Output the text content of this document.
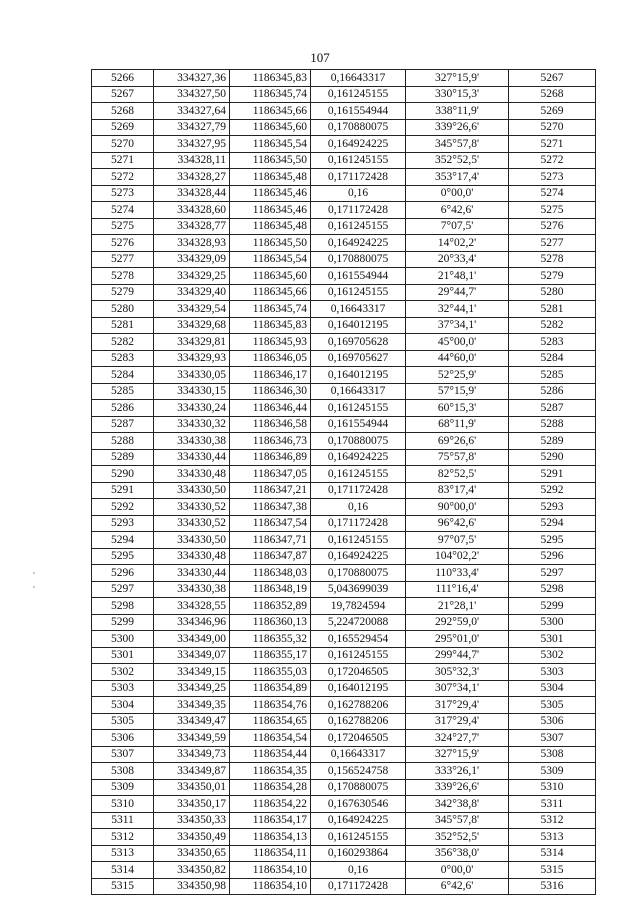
107
5266	334327,36	1186345,83	0,16643317	327°15,9'	5267
5267	334327,50	1186345,74	0,161245155	330°15,3'	5268
5268	334327,64	1186345,66	0,161554944	338°11,9'	5269
5269	334327,79	1186345,60	0,170880075	339°26,6'	5270
5270	334327,95	1186345,54	0,164924225	345°57,8'	5271
5271	334328,11	1186345,50	0,161245155	352°52,5'	5272
5272	334328,27	1186345,48	0,171172428	353°17,4'	5273
5273	334328,44	1186345,46	0,16	0°00,0'	5274
5274	334328,60	1186345,46	0,171172428	6°42,6'	5275
5275	334328,77	1186345,48	0,161245155	7°07,5'	5276
5276	334328,93	1186345,50	0,164924225	14°02,2'	5277
5277	334329,09	1186345,54	0,170880075	20°33,4'	5278
5278	334329,25	1186345,60	0,161554944	21°48,1'	5279
5279	334329,40	1186345,66	0,161245155	29°44,7'	5280
5280	334329,54	1186345,74	0,16643317	32°44,1'	5281
5281	334329,68	1186345,83	0,164012195	37°34,1'	5282
5282	334329,81	1186345,93	0,169705628	45°00,0'	5283
5283	334329,93	1186346,05	0,169705627	44°60,0'	5284
5284	334330,05	1186346,17	0,164012195	52°25,9'	5285
5285	334330,15	1186346,30	0,16643317	57°15,9'	5286
5286	334330,24	1186346,44	0,161245155	60°15,3'	5287
5287	334330,32	1186346,58	0,161554944	68°11,9'	5288
5288	334330,38	1186346,73	0,170880075	69°26,6'	5289
5289	334330,44	1186346,89	0,164924225	75°57,8'	5290
5290	334330,48	1186347,05	0,161245155	82°52,5'	5291
5291	334330,50	1186347,21	0,171172428	83°17,4'	5292
5292	334330,52	1186347,38	0,16	90°00,0'	5293
5293	334330,52	1186347,54	0,171172428	96°42,6'	5294
5294	334330,50	1186347,71	0,161245155	97°07,5'	5295
5295	334330,48	1186347,87	0,164924225	104°02,2'	5296
5296	334330,44	1186348,03	0,170880075	110°33,4'	5297
5297	334330,38	1186348,19	5,043699039	111°16,4'	5298
5298	334328,55	1186352,89	19,7824594	21°28,1'	5299
5299	334346,96	1186360,13	5,224720088	292°59,0'	5300
5300	334349,00	1186355,32	0,165529454	295°01,0'	5301
5301	334349,07	1186355,17	0,161245155	299°44,7'	5302
5302	334349,15	1186355,03	0,172046505	305°32,3'	5303
5303	334349,25	1186354,89	0,164012195	307°34,1'	5304
5304	334349,35	1186354,76	0,162788206	317°29,4'	5305
5305	334349,47	1186354,65	0,162788206	317°29,4'	5306
5306	334349,59	1186354,54	0,172046505	324°27,7'	5307
5307	334349,73	1186354,44	0,16643317	327°15,9'	5308
5308	334349,87	1186354,35	0,156524758	333°26,1'	5309
5309	334350,01	1186354,28	0,170880075	339°26,6'	5310
5310	334350,17	1186354,22	0,167630546	342°38,8'	5311
5311	334350,33	1186354,17	0,164924225	345°57,8'	5312
5312	334350,49	1186354,13	0,161245155	352°52,5'	5313
5313	334350,65	1186354,11	0,160293864	356°38,0'	5314
5314	334350,82	1186354,10	0,16	0°00,0'	5315
5315	334350,98	1186354,10	0,171172428	6°42,6'	5316
